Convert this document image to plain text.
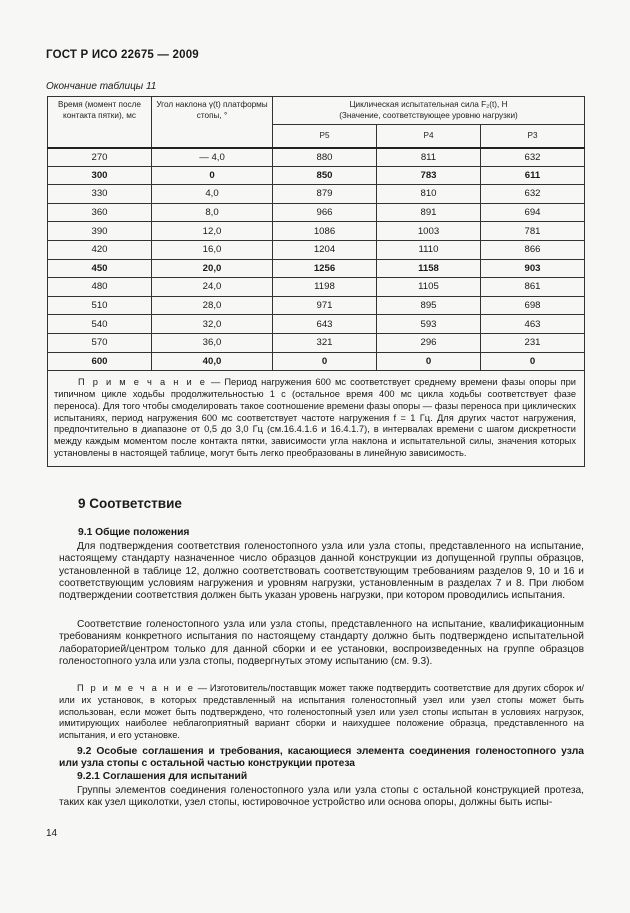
ГОСТ Р ИСО 22675 — 2009
Окончание таблицы 11
Время (момент после контакта пятки), мс	Угол наклона γ(t) платформы стопы, °	Циклическая испытательная сила F₂(t), Н
(Значение, соответствующее уровню нагрузки)		

		P5	P4	P3
270	— 4,0	880	811	632
300	0	850	783	611
330	4,0	879	810	632
360	8,0	966	891	694
390	12,0	1086	1003	781
420	16,0	1204	1110	866
450	20,0	1256	1158	903
480	24,0	1198	1105	861
510	28,0	971	895	698
540	32,0	643	593	463
570	36,0	321	296	231
600	40,0	0	0	0
П р и м е ч а н и е — Период нагружения 600 мс соответствует среднему времени фазы опоры при типичном цикле ходьбы продолжительностью 1 с (остальное время 400 мс цикла ходьбы соответствует фазе переноса). Для того чтобы смоделировать такое соотношение времени фазы опоры — фазы переноса при циклических испытаниях, период нагружения 600 мс соответствует частоте нагружения f = 1 Гц. Для других частот нагружения, предпочтительно в диапазоне от 0,5 до 3,0 Гц (см.16.4.1.6 и 16.4.1.7), в интервалах времени с шагом дискретности между каждым моментом после контакта пятки, зависимости угла наклона и испытательной силы, значения которых установлены в настоящей таблице, могут быть легко преобразованы в линейную зависимость.				
9 Соответствие
9.1 Общие положения

Для подтверждения соответствия голеностопного узла или узла стопы, представленного на испытание, настоящему стандарту назначенное число образцов данной конструкции из допущенной группы образцов, установленной в таблице 12, должно соответствовать соответствующим требованиям разделов 9, 10 и 16 и соответствующим условиям нагружения и уровням нагрузки, установленным в разделах 7 и 8. При любом подтверждении соответствия должен быть указан уровень нагрузки, при котором проводились испытания.

Соответствие голеностопного узла или узла стопы, представленного на испытание, квалификационным требованиям конкретного испытания по настоящему стандарту должно быть подтверждено испытательной лабораторией/центром только для данной сборки и ее установки, воспроизведенных на группе образцов голеностопного узла или узла стопы, подвергнутых этому испытанию (см. 9.3).

П р и м е ч а н и е — Изготовитель/поставщик может также подтвердить соответствие для других сборок и/или их установок, в которых представленный на испытания голеностопный узел или узел стопы может быть использован, если может быть подтверждено, что голеностопный узел или узел стопы испытан в условиях нагрузок, имитирующих наиболее неблагоприятный вариант сборки и наихудшее положение образца, представленного на испытания, и его установке.

9.2 Особые соглашения и требования, касающиеся элемента соединения голеностопного узла или узла стопы с остальной частью конструкции протеза

9.2.1 Соглашения для испытаний

Группы элементов соединения голеностопного узла или узла стопы с остальной конструкцией протеза, таких как узел щиколотки, узел стопы, юстировочное устройство или основа опоры, должны быть испы-

14
